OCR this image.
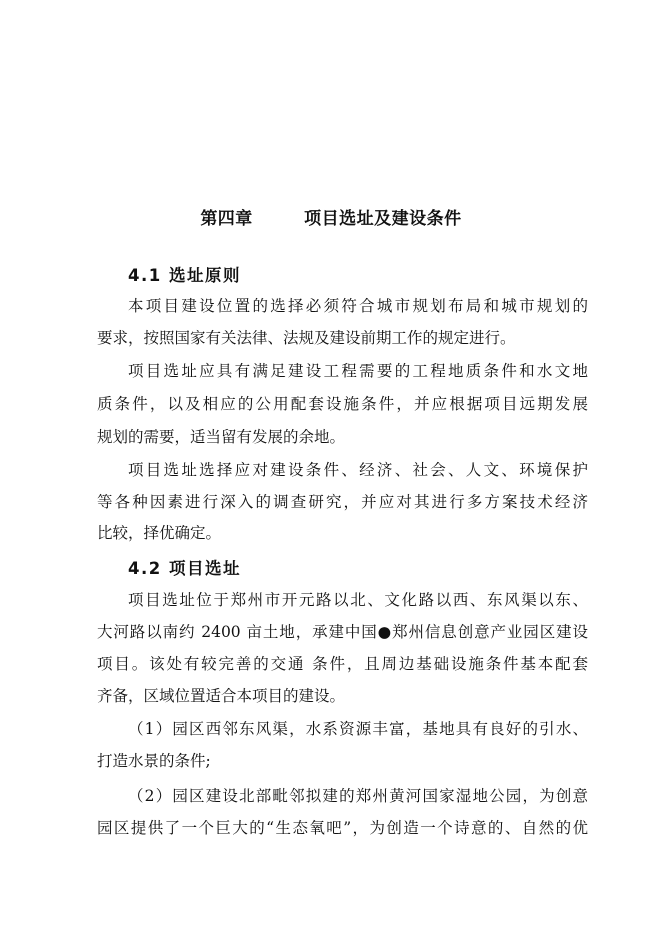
第四章        项目选址及建设条件
4.1 选址原则
本项目建设位置的选择必须符合城市规划布局和城市规划的
要求，按照国家有关法律、法规及建设前期工作的规定进行。
项目选址应具有满足建设工程需要的工程地质条件和水文地
质条件，以及相应的公用配套设施条件，并应根据项目远期发展
规划的需要，适当留有发展的余地。
项目选址选择应对建设条件、经济、社会、人文、环境保护
等各种因素进行深入的调查研究，并应对其进行多方案技术经济
比较，择优确定。
4.2 项目选址
项目选址位于郑州市开元路以北、文化路以西、东风渠以东、
大河路以南约 2400 亩土地，承建中国●郑州信息创意产业园区建设
项目。该处有较完善的交通 条件，且周边基础设施条件基本配套
齐备，区域位置适合本项目的建设。
（1）园区西邻东风渠，水系资源丰富，基地具有良好的引水、
打造水景的条件;
（2）园区建设北部毗邻拟建的郑州黄河国家湿地公园，为创意
园区提供了一个巨大的“生态氧吧”，为创造一个诗意的、自然的优
